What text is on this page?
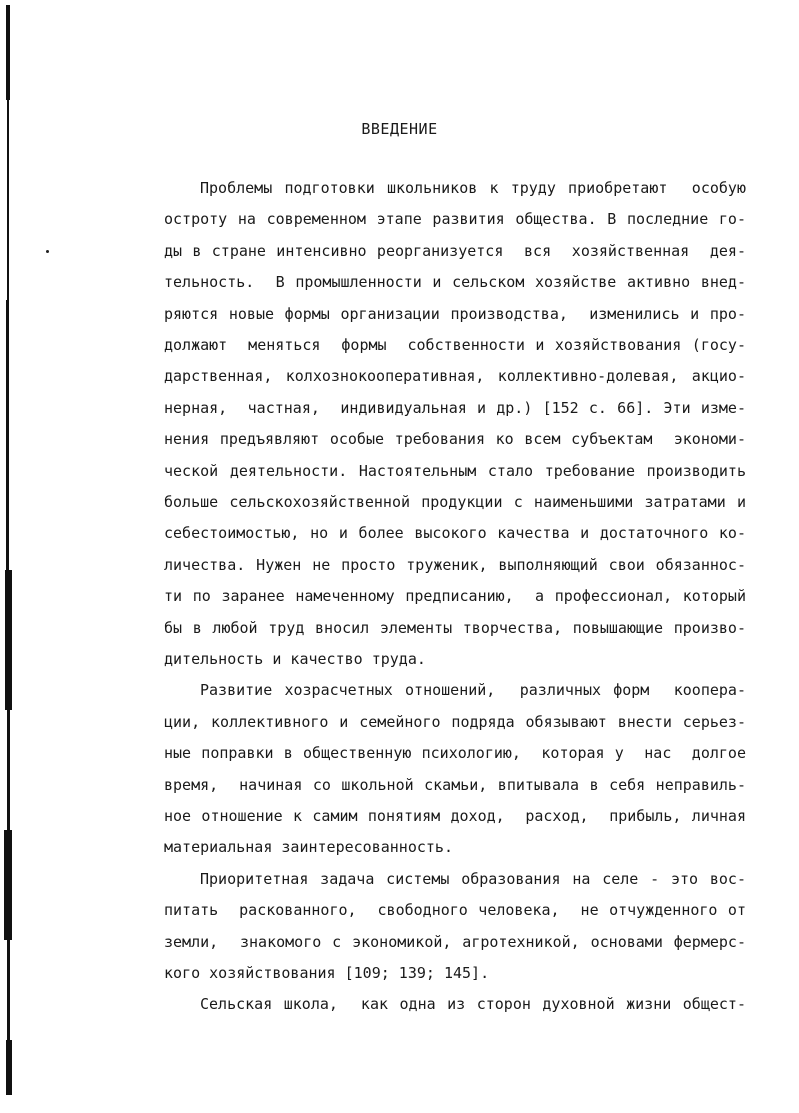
ВВЕДЕНИЕ
Проблемы подготовки школьников к труду приобретают  особую
остроту на современном этапе развития общества. В последние го-
ды в стране интенсивно реорганизуется  вся  хозяйственная  дея-
тельность.  В промышленности и сельском хозяйстве активно внед-
ряются новые формы организации производства,  изменились и про-
должают  меняться  формы  собственности и хозяйствования (госу-
дарственная, колхознокооперативная, коллективно-долевая, акцио-
нерная,  частная,  индивидуальная и др.) [152 с. 66]. Эти изме-
нения предъявляют особые требования ко всем субъектам  экономи-
ческой деятельности. Настоятельным стало требование производить
больше сельскохозяйственной продукции с наименьшими затратами и
себестоимостью, но и более высокого качества и достаточного ко-
личества. Нужен не просто труженик, выполняющий свои обязаннос-
ти по заранее намеченному предписанию,  а профессионал, который
бы в любой труд вносил элементы творчества, повышающие произво-
дительность и качество труда.
Развитие хозрасчетных отношений,  различных форм  коопера-
ции, коллективного и семейного подряда обязывают внести серьез-
ные поправки в общественную психологию,  которая у  нас  долгое
время,  начиная со школьной скамьи, впитывала в себя неправиль-
ное отношение к самим понятиям доход,  расход,  прибыль, личная
материальная заинтересованность.
Приоритетная задача системы образования на селе - это вос-
питать  раскованного,  свободного человека,  не отчужденного от
земли,  знакомого с экономикой, агротехникой, основами фермерс-
кого хозяйствования [109; 139; 145].
Сельская школа,  как одна из сторон духовной жизни общест-
